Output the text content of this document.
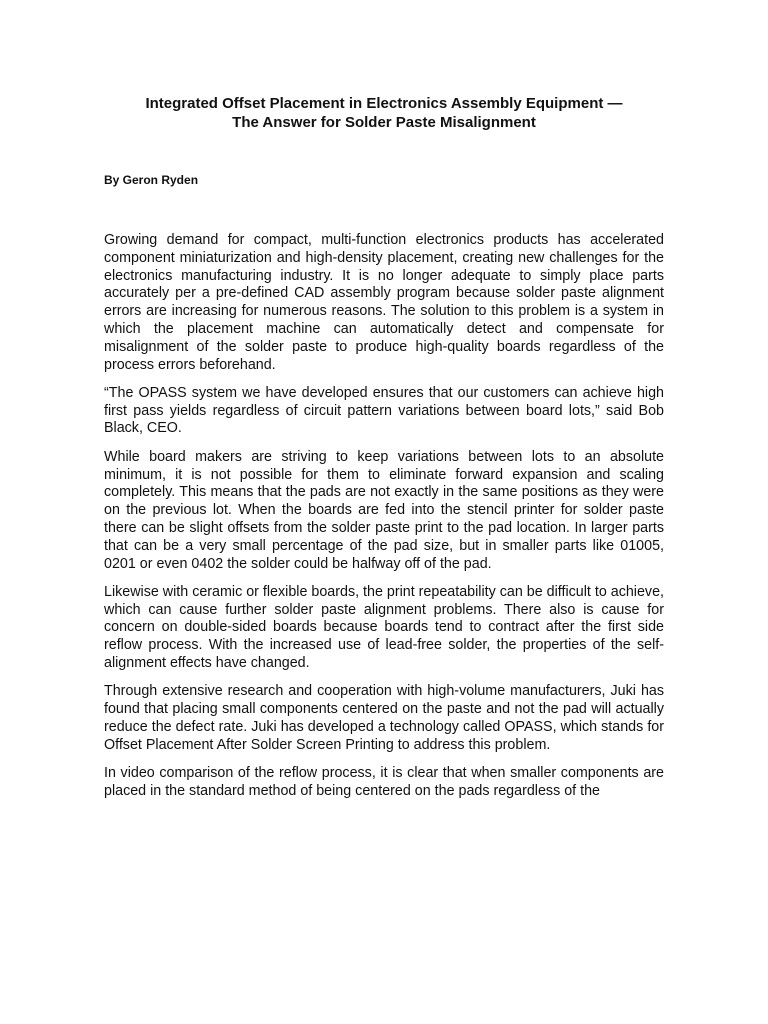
Integrated Offset Placement in Electronics Assembly Equipment —
The Answer for Solder Paste Misalignment

By Geron Ryden

Growing demand for compact, multi-function electronics products has accelerated component miniaturization and high-density placement, creating new challenges for the electronics manufacturing industry. It is no longer adequate to simply place parts accurately per a pre-defined CAD assembly program because solder paste alignment errors are increasing for numerous reasons. The solution to this problem is a system in which the placement machine can automatically detect and compensate for misalignment of the solder paste to produce high-quality boards regardless of the process errors beforehand.

“The OPASS system we have developed ensures that our customers can achieve high first pass yields regardless of circuit pattern variations between board lots,” said Bob Black, CEO.

While board makers are striving to keep variations between lots to an absolute minimum, it is not possible for them to eliminate forward expansion and scaling completely. This means that the pads are not exactly in the same positions as they were on the previous lot. When the boards are fed into the stencil printer for solder paste there can be slight offsets from the solder paste print to the pad location. In larger parts that can be a very small percentage of the pad size, but in smaller parts like 01005, 0201 or even 0402 the solder could be halfway off of the pad.

Likewise with ceramic or flexible boards, the print repeatability can be difficult to achieve, which can cause further solder paste alignment problems. There also is cause for concern on double-sided boards because boards tend to contract after the first side reflow process. With the increased use of lead-free solder, the properties of the self-alignment effects have changed.

Through extensive research and cooperation with high-volume manufacturers, Juki has found that placing small components centered on the paste and not the pad will actually reduce the defect rate. Juki has developed a technology called OPASS, which stands for Offset Placement After Solder Screen Printing to address this problem.

In video comparison of the reflow process, it is clear that when smaller components are placed in the standard method of being centered on the pads regardless of the
